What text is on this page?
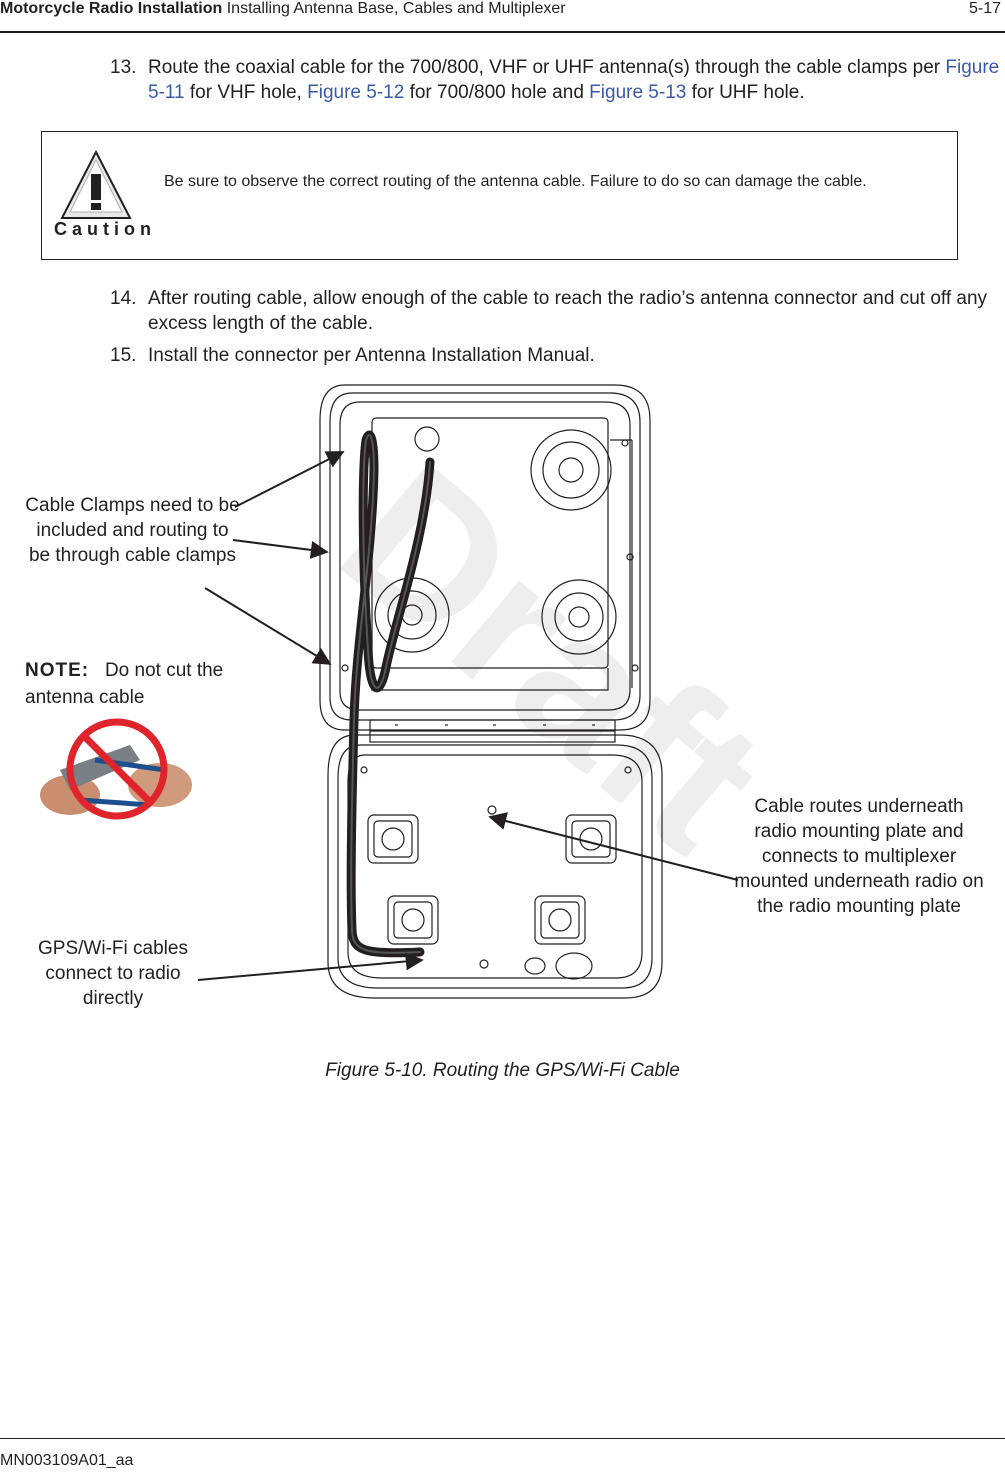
Motorcycle Radio Installation Installing Antenna Base, Cables and Multiplexer	5-17
13. Route the coaxial cable for the 700/800, VHF or UHF antenna(s) through the cable clamps per Figure 5-11 for VHF hole, Figure 5-12 for 700/800 hole and Figure 5-13 for UHF hole.
Caution
Be sure to observe the correct routing of the antenna cable. Failure to do so can damage the cable.
14. After routing cable, allow enough of the cable to reach the radio’s antenna connector and cut off any excess length of the cable.
15. Install the connector per Antenna Installation Manual.
Draft
Cable Clamps need to be included and routing to be through cable clamps
Cable routes underneath radio mounting plate and connects to multiplexer mounted underneath radio on the radio mounting plate
GPS/Wi-Fi cables connect to radio directly
NOTE: Do not cut the antenna cable
Figure 5-10. Routing the GPS/Wi-Fi Cable
MN003109A01_aa
